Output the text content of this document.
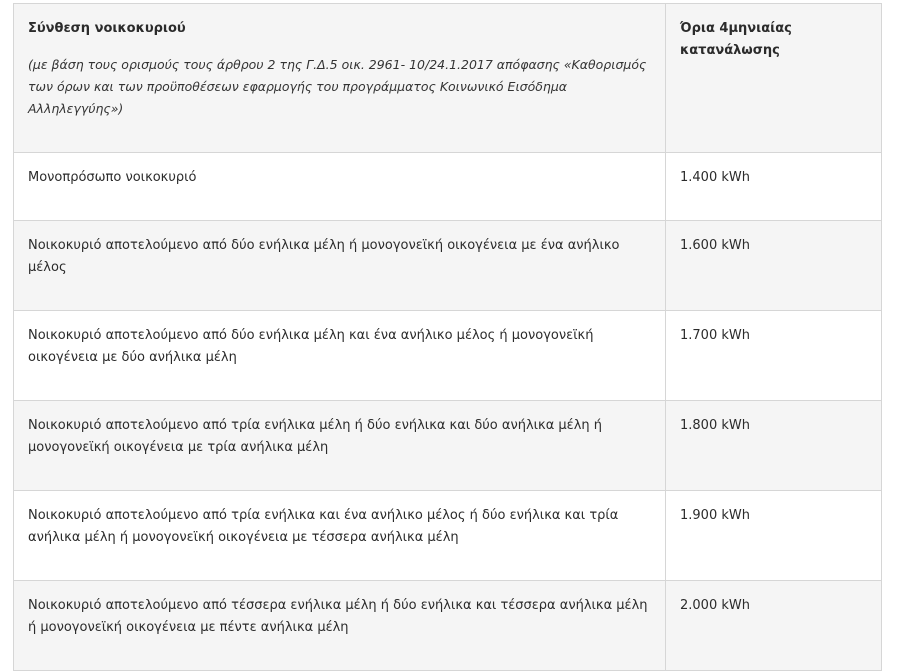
Σύνθεση νοικοκυριού
(με βάση τους ορισμούς τους άρθρου 2 της Γ.Δ.5 οικ. 2961- 10/24.1.2017 απόφασης «Καθορισμός των όρων και των προϋποθέσεων εφαρμογής του προγράμματος Κοινωνικό Εισόδημα Αλληλεγγύης»)	Όρια 4μηνιαίας κατανάλωσης

Μονοπρόσωπο νοικοκυριό	1.400 kWh
Νοικοκυριό αποτελούμενο από δύο ενήλικα μέλη ή μονογονεϊκή οικογένεια με ένα ανήλικο μέλος	1.600 kWh
Νοικοκυριό αποτελούμενο από δύο ενήλικα μέλη και ένα ανήλικο μέλος ή μονογονεϊκή οικογένεια με δύο ανήλικα μέλη	1.700 kWh
Νοικοκυριό αποτελούμενο από τρία ενήλικα μέλη ή δύο ενήλικα και δύο ανήλικα μέλη ή μονογονεϊκή οικογένεια με τρία ανήλικα μέλη	1.800 kWh
Νοικοκυριό αποτελούμενο από τρία ενήλικα και ένα ανήλικο μέλος ή δύο ενήλικα και τρία ανήλικα μέλη ή μονογονεϊκή οικογένεια με τέσσερα ανήλικα μέλη	1.900 kWh
Νοικοκυριό αποτελούμενο από τέσσερα ενήλικα μέλη ή δύο ενήλικα και τέσσερα ανήλικα μέλη ή μονογονεϊκή οικογένεια με πέντε ανήλικα μέλη	2.000 kWh
